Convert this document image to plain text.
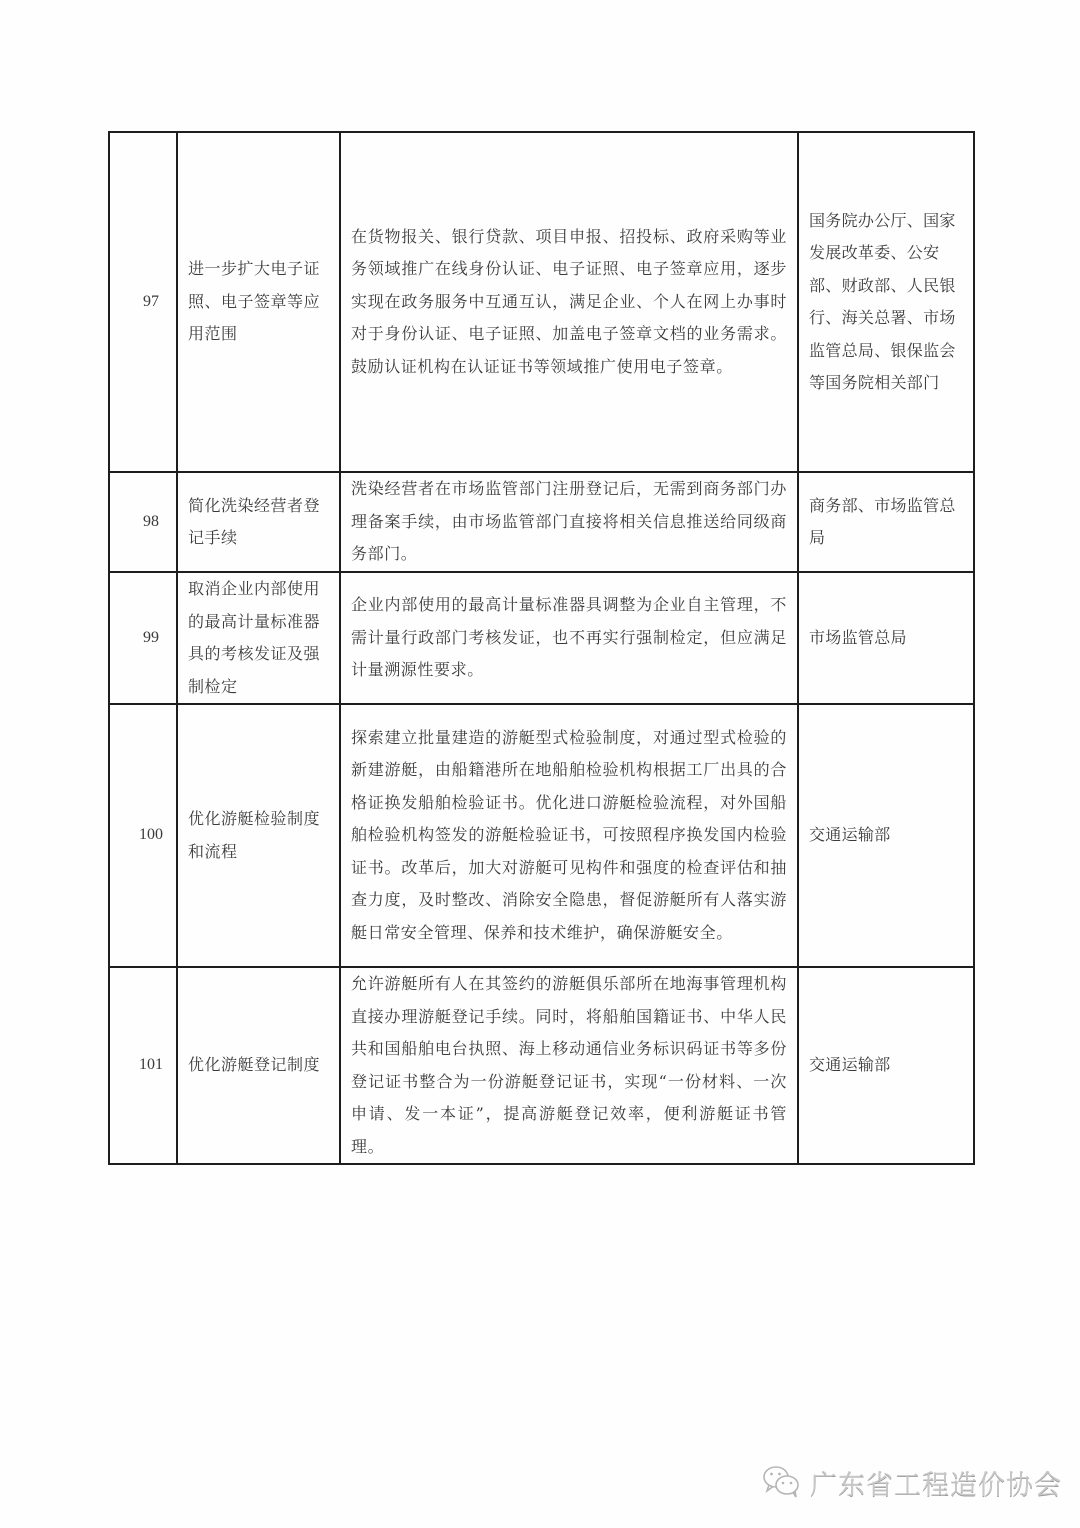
97	进一步扩大电子证照、电子签章等应用范围	在货物报关、银行贷款、项目申报、招投标、政府采购等业务领域推广在线身份认证、电子证照、电子签章应用，逐步实现在政务服务中互通互认，满足企业、个人在网上办事时对于身份认证、电子证照、加盖电子签章文档的业务需求。鼓励认证机构在认证证书等领域推广使用电子签章。	国务院办公厅、国家发展改革委、公安部、财政部、人民银行、海关总署、市场监管总局、银保监会等国务院相关部门
98	简化洗染经营者登记手续	洗染经营者在市场监管部门注册登记后，无需到商务部门办理备案手续，由市场监管部门直接将相关信息推送给同级商务部门。	商务部、市场监管总局
99	取消企业内部使用的最高计量标准器具的考核发证及强制检定	企业内部使用的最高计量标准器具调整为企业自主管理，不需计量行政部门考核发证，也不再实行强制检定，但应满足计量溯源性要求。	市场监管总局
100	优化游艇检验制度和流程	探索建立批量建造的游艇型式检验制度，对通过型式检验的新建游艇，由船籍港所在地船舶检验机构根据工厂出具的合格证换发船舶检验证书。优化进口游艇检验流程，对外国船舶检验机构签发的游艇检验证书，可按照程序换发国内检验证书。改革后，加大对游艇可见构件和强度的检查评估和抽查力度，及时整改、消除安全隐患，督促游艇所有人落实游艇日常安全管理、保养和技术维护，确保游艇安全。	交通运输部
101	优化游艇登记制度	允许游艇所有人在其签约的游艇俱乐部所在地海事管理机构直接办理游艇登记手续。同时，将船舶国籍证书、中华人民共和国船舶电台执照、海上移动通信业务标识码证书等多份登记证书整合为一份游艇登记证书，实现“一份材料、一次申请、发一本证”，提高游艇登记效率，便利游艇证书管理。	交通运输部
广东省工程造价协会
